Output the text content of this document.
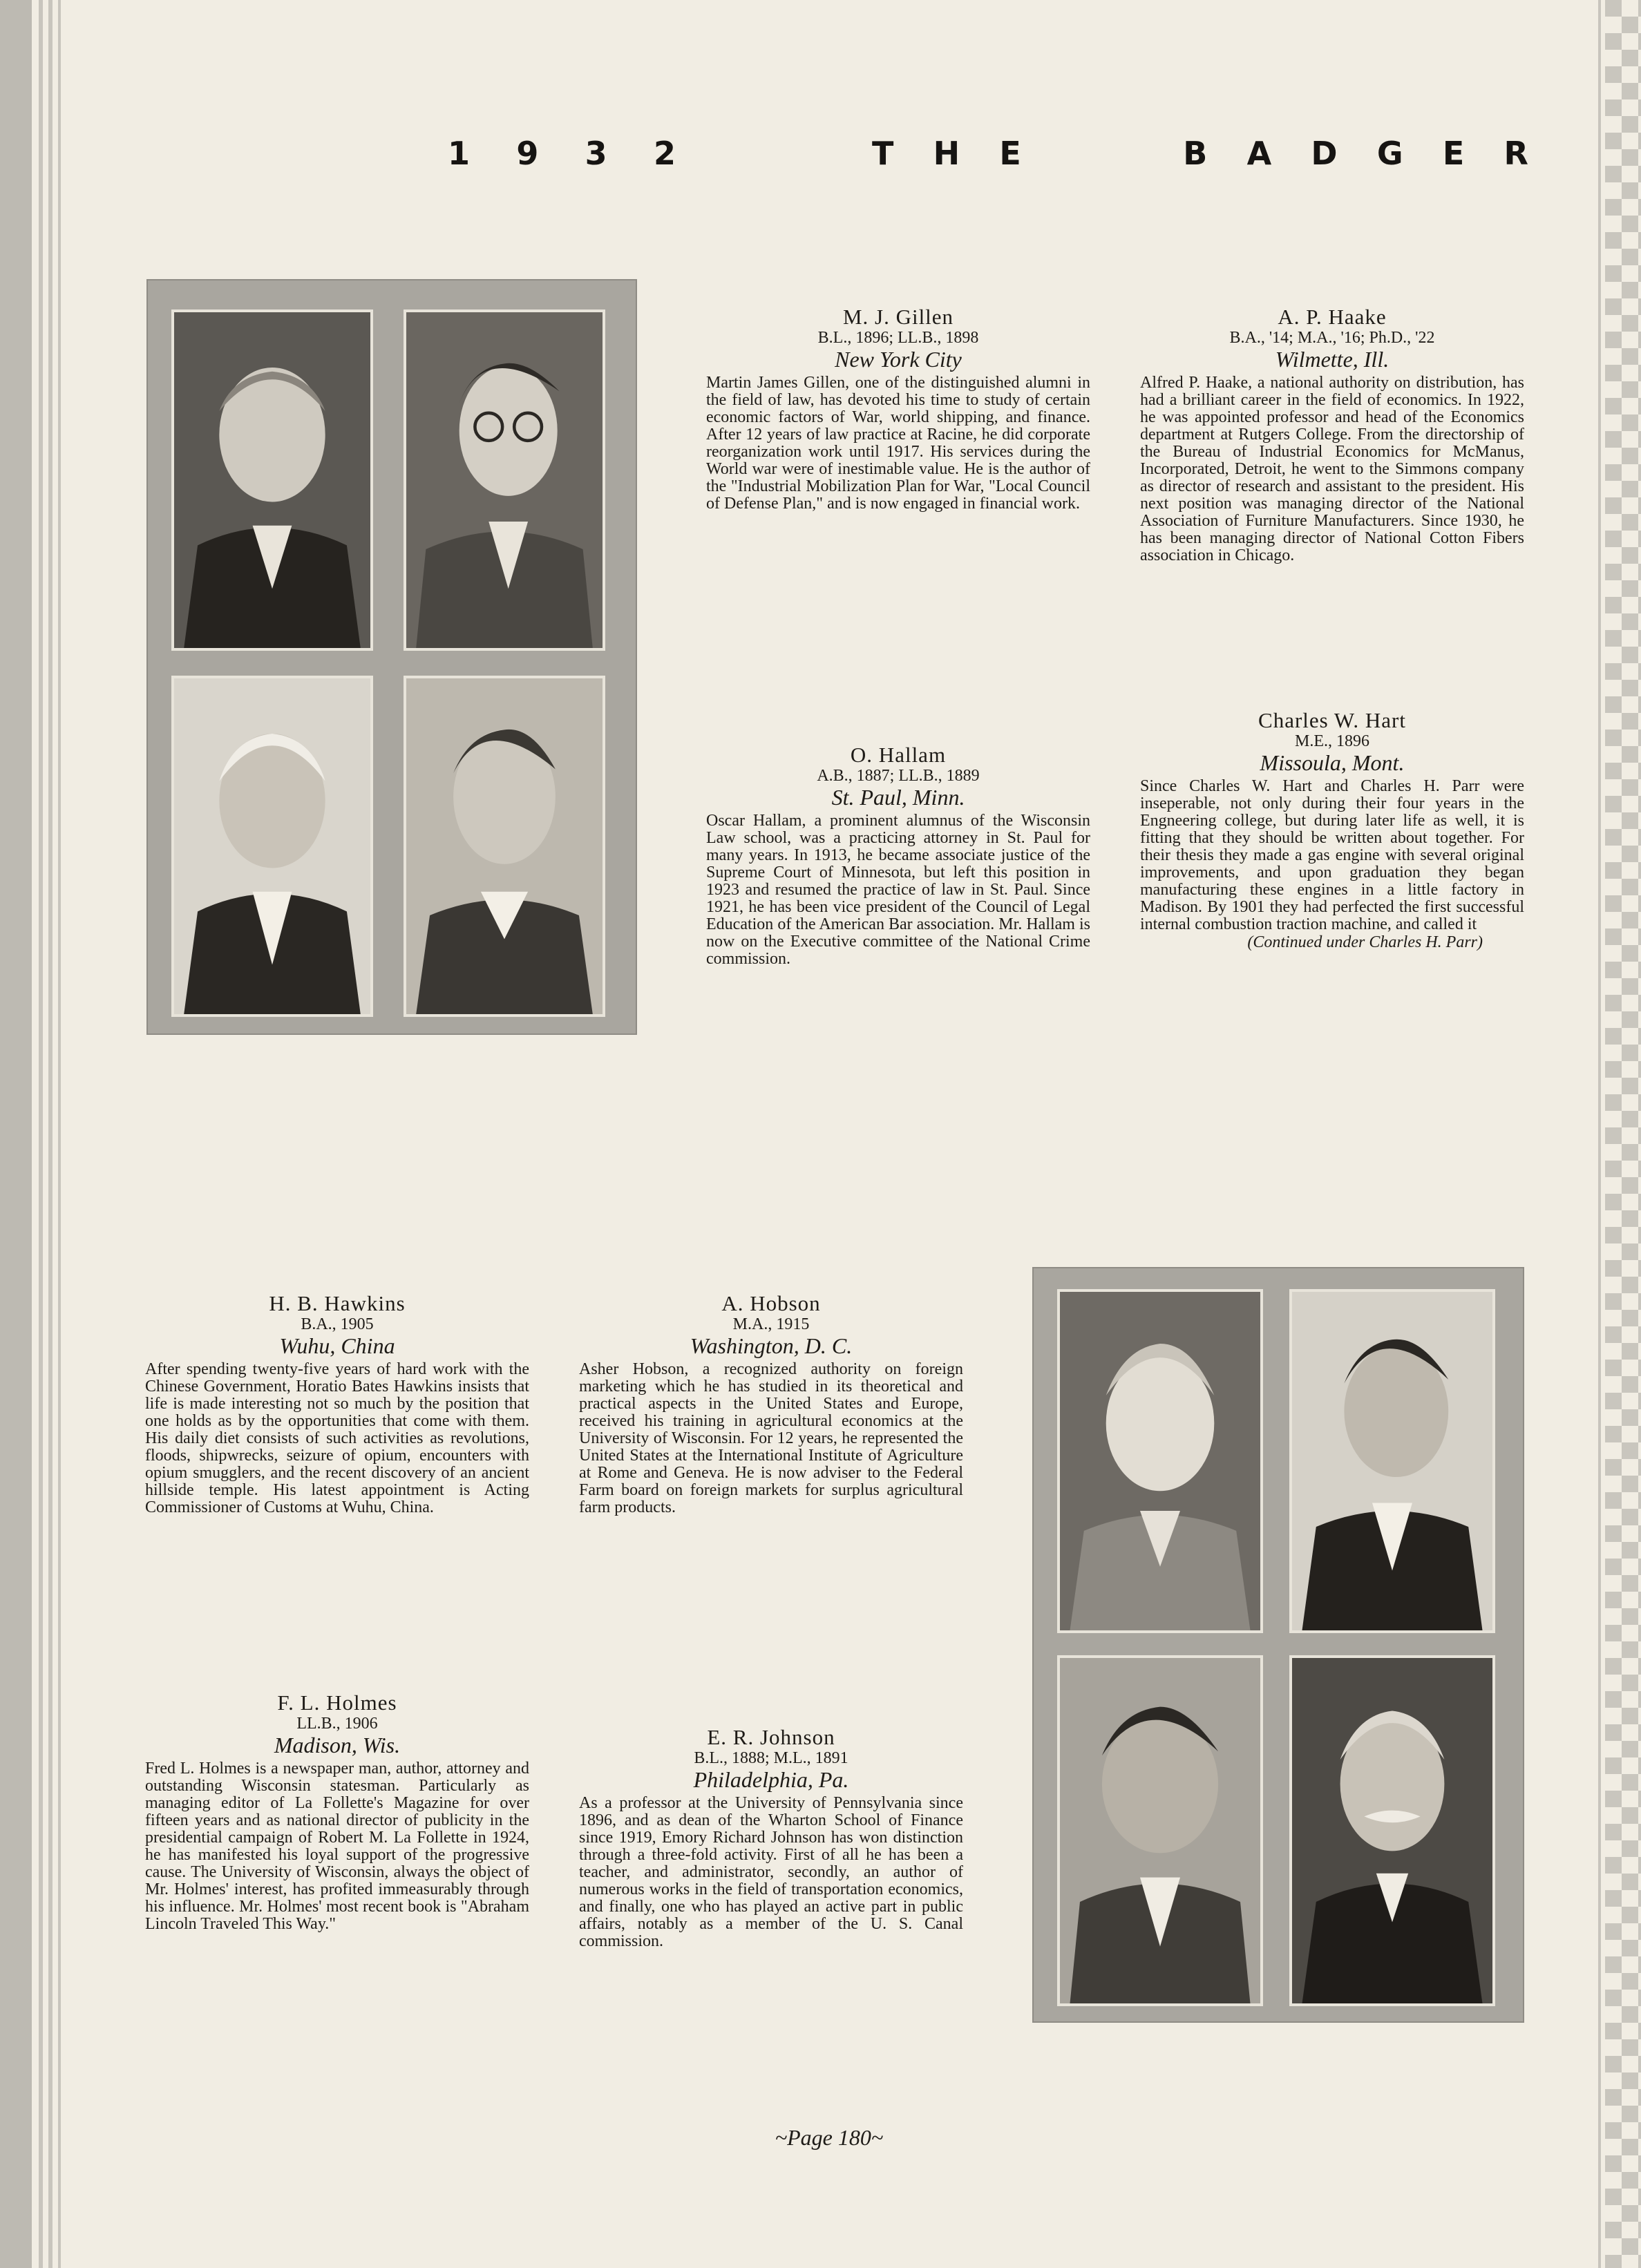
1 9 3 2	T H E	B A D G E R
M. J. Gillen
B.L., 1896; LL.B., 1898
New York City
Martin James Gillen, one of the distinguished alumni in the field of law, has devoted his time to study of certain economic factors of War, world shipping, and finance. After 12 years of law practice at Racine, he did corporate reorganization work until 1917. His services during the World war were of inestimable value. He is the author of the "Industrial Mobilization Plan for War, "Local Council of Defense Plan," and is now engaged in financial work.
A. P. Haake
B.A., '14; M.A., '16; Ph.D., '22
Wilmette, Ill.
Alfred P. Haake, a national authority on distribution, has had a brilliant career in the field of economics. In 1922, he was appointed professor and head of the Economics department at Rutgers College. From the directorship of the Bureau of Industrial Economics for McManus, Incorporated, Detroit, he went to the Simmons company as director of research and assistant to the president. His next position was managing director of the National Association of Furniture Manufacturers. Since 1930, he has been managing director of National Cotton Fibers association in Chicago.
O. Hallam
A.B., 1887; LL.B., 1889
St. Paul, Minn.
Oscar Hallam, a prominent alumnus of the Wisconsin Law school, was a practicing attorney in St. Paul for many years. In 1913, he became associate justice of the Supreme Court of Minnesota, but left this position in 1923 and resumed the practice of law in St. Paul. Since 1921, he has been vice president of the Council of Legal Education of the American Bar association. Mr. Hallam is now on the Executive committee of the National Crime commission.
Charles W. Hart
M.E., 1896
Missoula, Mont.
Since Charles W. Hart and Charles H. Parr were inseperable, not only during their four years in the Engneering college, but during later life as well, it is fitting that they should be written about together. For their thesis they made a gas engine with several original improvements, and upon graduation they began manufacturing these engines in a little factory in Madison. By 1901 they had perfected the first successful internal combustion traction machine, and called it
(Continued under Charles H. Parr)
H. B. Hawkins
B.A., 1905
Wuhu, China
After spending twenty-five years of hard work with the Chinese Government, Horatio Bates Hawkins insists that life is made interesting not so much by the position that one holds as by the opportunities that come with them. His daily diet consists of such activities as revolutions, floods, shipwrecks, seizure of opium, encounters with opium smugglers, and the recent discovery of an ancient hillside temple. His latest appointment is Acting Commissioner of Customs at Wuhu, China.
A. Hobson
M.A., 1915
Washington, D. C.
Asher Hobson, a recognized authority on foreign marketing which he has studied in its theoretical and practical aspects in the United States and Europe, received his training in agricultural economics at the University of Wisconsin. For 12 years, he represented the United States at the International Institute of Agriculture at Rome and Geneva. He is now adviser to the Federal Farm board on foreign markets for surplus agricultural farm products.
F. L. Holmes
LL.B., 1906
Madison, Wis.
Fred L. Holmes is a newspaper man, author, attorney and outstanding Wisconsin statesman. Particularly as managing editor of La Follette's Magazine for over fifteen years and as national director of publicity in the presidential campaign of Robert M. La Follette in 1924, he has manifested his loyal support of the progressive cause. The University of Wisconsin, always the object of Mr. Holmes' interest, has profited immeasurably through his influence. Mr. Holmes' most recent book is "Abraham Lincoln Traveled This Way."
E. R. Johnson
B.L., 1888; M.L., 1891
Philadelphia, Pa.
As a professor at the University of Pennsylvania since 1896, and as dean of the Wharton School of Finance since 1919, Emory Richard Johnson has won distinction through a three-fold activity. First of all he has been a teacher, and administrator, secondly, an author of numerous works in the field of transportation economics, and finally, one who has played an active part in public affairs, notably as a member of the U. S. Canal commission.
~Page 180~
